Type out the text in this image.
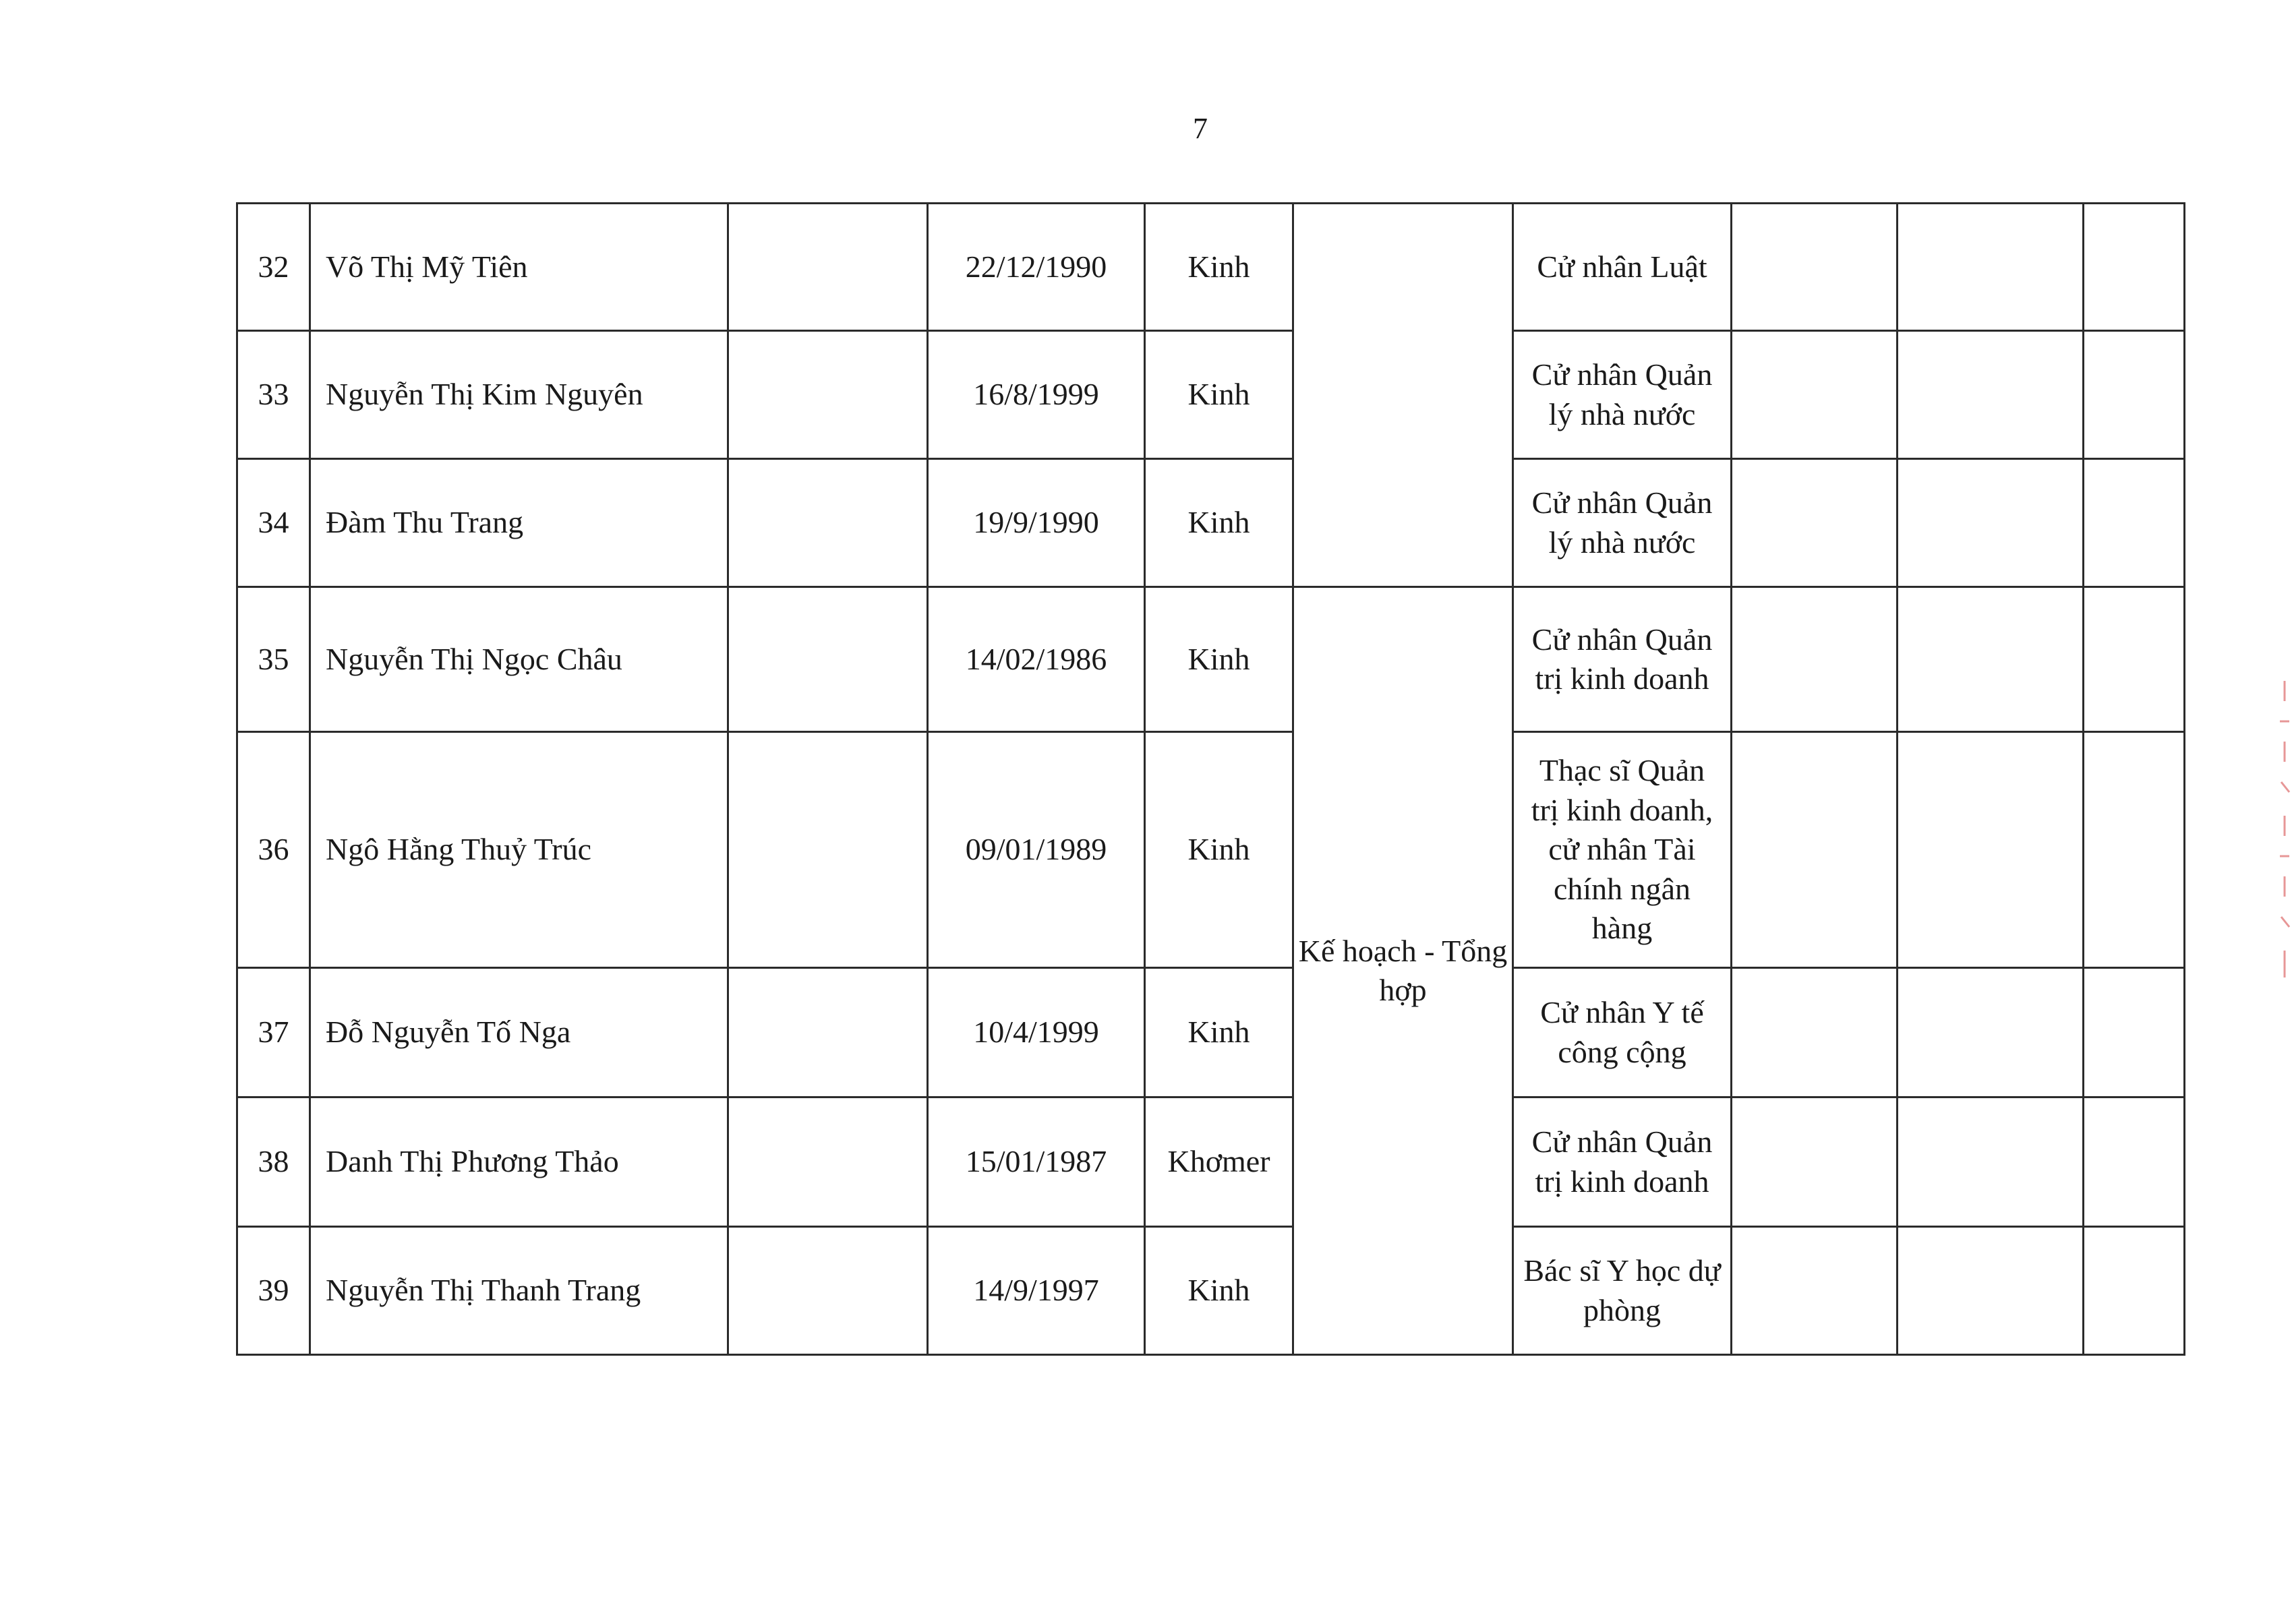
7
32	Võ Thị Mỹ Tiên		22/12/1990	Kinh		Cử nhân Luật			
33	Nguyễn Thị Kim Nguyên		16/8/1999	Kinh		Cử nhân Quản lý nhà nước			
34	Đàm Thu Trang		19/9/1990	Kinh		Cử nhân Quản lý nhà nước			
35	Nguyễn Thị Ngọc Châu		14/02/1986	Kinh	Kế hoạch - Tổng hợp	Cử nhân Quản trị kinh doanh			
36	Ngô Hằng Thuỷ Trúc		09/01/1989	Kinh		Thạc sĩ Quản trị kinh doanh, cử nhân Tài chính ngân hàng			
37	Đỗ Nguyễn Tố Nga		10/4/1999	Kinh		Cử nhân Y tế công cộng			
38	Danh Thị Phương Thảo		15/01/1987	Khơmer		Cử nhân Quản trị kinh doanh			
39	Nguyễn Thị Thanh Trang		14/9/1997	Kinh		Bác sĩ Y học dự phòng			
